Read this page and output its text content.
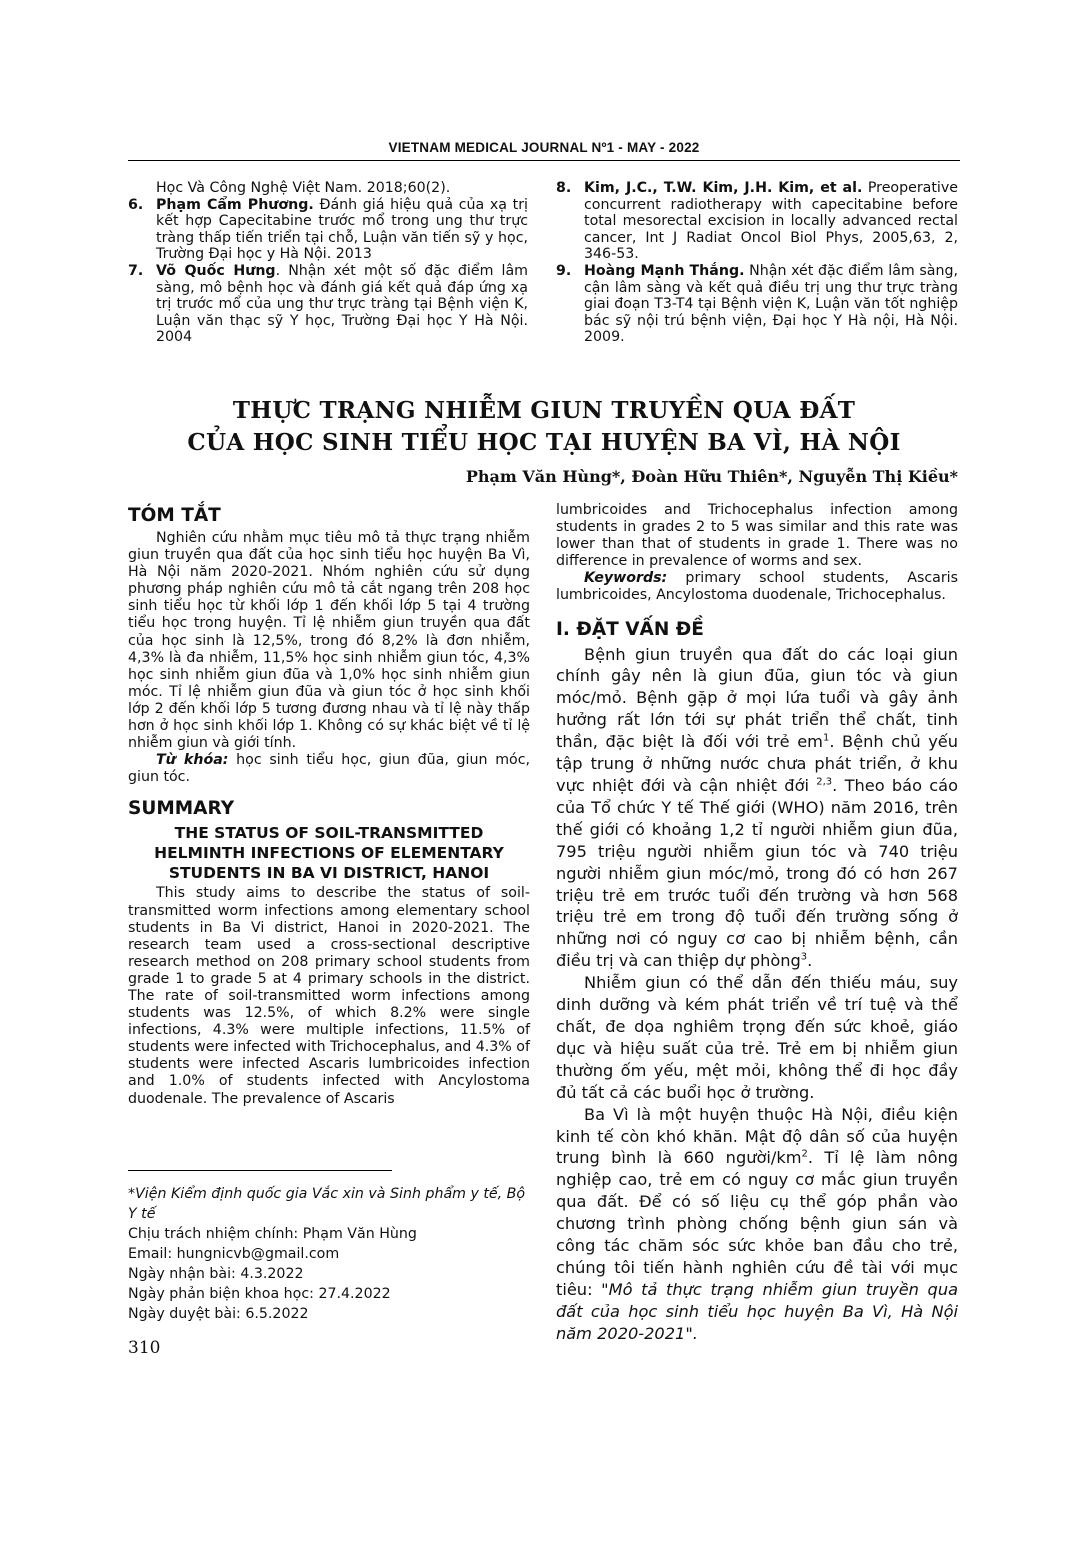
VIETNAM MEDICAL JOURNAL Nº1 - MAY - 2022
Học Và Công Nghệ Việt Nam. 2018;60(2).
6. Phạm Cẩm Phương. Đánh giá hiệu quả của xạ trị kết hợp Capecitabine trước mổ trong ung thư trực tràng thấp tiến triển tại chỗ, Luận văn tiến sỹ y học, Trường Đại học y Hà Nội. 2013
7. Võ Quốc Hưng. Nhận xét một số đặc điểm lâm sàng, mô bệnh học và đánh giá kết quả đáp ứng xạ trị trước mổ của ung thư trực tràng tại Bệnh viện K, Luận văn thạc sỹ Y học, Trường Đại học Y Hà Nội. 2004
8. Kim, J.C., T.W. Kim, J.H. Kim, et al. Preoperative concurrent radiotherapy with capecitabine before total mesorectal excision in locally advanced rectal cancer, Int J Radiat Oncol Biol Phys, 2005,63, 2, 346-53.
9. Hoàng Mạnh Thắng. Nhận xét đặc điểm lâm sàng, cận lâm sàng và kết quả điều trị ung thư trực tràng giai đoạn T3-T4 tại Bệnh viện K, Luận văn tốt nghiệp bác sỹ nội trú bệnh viện, Đại học Y Hà nội, Hà Nội. 2009.
THỰC TRẠNG NHIỄM GIUN TRUYỀN QUA ĐẤT
CỦA HỌC SINH TIỂU HỌC TẠI HUYỆN BA VÌ, HÀ NỘI
Phạm Văn Hùng*, Đoàn Hữu Thiên*, Nguyễn Thị Kiều*
TÓM TẮT

Nghiên cứu nhằm mục tiêu mô tả thực trạng nhiễm giun truyền qua đất của học sinh tiểu học huyện Ba Vì, Hà Nội năm 2020-2021. Nhóm nghiên cứu sử dụng phương pháp nghiên cứu mô tả cắt ngang trên 208 học sinh tiểu học từ khối lớp 1 đến khối lớp 5 tại 4 trường tiểu học trong huyện. Tỉ lệ nhiễm giun truyền qua đất của học sinh là 12,5%, trong đó 8,2% là đơn nhiễm, 4,3% là đa nhiễm, 11,5% học sinh nhiễm giun tóc, 4,3% học sinh nhiễm giun đũa và 1,0% học sinh nhiễm giun móc. Tỉ lệ nhiễm giun đũa và giun tóc ở học sinh khối lớp 2 đến khối lớp 5 tương đương nhau và tỉ lệ này thấp hơn ở học sinh khối lớp 1. Không có sự khác biệt về tỉ lệ nhiễm giun và giới tính.

Từ khóa: học sinh tiểu học, giun đũa, giun móc, giun tóc.

SUMMARY
THE STATUS OF SOIL-TRANSMITTED HELMINTH INFECTIONS OF ELEMENTARY STUDENTS IN BA VI DISTRICT, HANOI

This study aims to describe the status of soil-transmitted worm infections among elementary school students in Ba Vi district, Hanoi in 2020-2021. The research team used a cross-sectional descriptive research method on 208 primary school students from grade 1 to grade 5 at 4 primary schools in the district. The rate of soil-transmitted worm infections among students was 12.5%, of which 8.2% were single infections, 4.3% were multiple infections, 11.5% of students were infected with Trichocephalus, and 4.3% of students were infected Ascaris lumbricoides infection and 1.0% of students infected with Ancylostoma duodenale. The prevalence of Ascaris

lumbricoides and Trichocephalus infection among students in grades 2 to 5 was similar and this rate was lower than that of students in grade 1. There was no difference in prevalence of worms and sex.

Keywords: primary school students, Ascaris lumbricoides, Ancylostoma duodenale, Trichocephalus.

I. ĐẶT VẤN ĐỀ

Bệnh giun truyền qua đất do các loại giun chính gây nên là giun đũa, giun tóc và giun móc/mỏ. Bệnh gặp ở mọi lứa tuổi và gây ảnh hưởng rất lớn tới sự phát triển thể chất, tinh thần, đặc biệt là đối với trẻ $em^1$. Bệnh chủ yếu tập trung ở những nước chưa phát triển, ở khu vực nhiệt đới và cận nhiệt đới $^{2,3}$. Theo báo cáo của Tổ chức Y tế Thế giới (WHO) năm 2016, trên thế giới có khoảng 1,2 tỉ người nhiễm giun đũa, 795 triệu người nhiễm giun tóc và 740 triệu người nhiễm giun móc/mỏ, trong đó có hơn 267 triệu trẻ em trước tuổi đến trường và hơn 568 triệu trẻ em trong độ tuổi đến trường sống ở những nơi có nguy cơ cao bị nhiễm bệnh, cần điều trị và can thiệp dự phòng$^3$.

Nhiễm giun có thể dẫn đến thiếu máu, suy dinh dưỡng và kém phát triển về trí tuệ và thể chất, đe dọa nghiêm trọng đến sức khoẻ, giáo dục và hiệu suất của trẻ. Trẻ em bị nhiễm giun thường ốm yếu, mệt mỏi, không thể đi học đầy đủ tất cả các buổi học ở trường.

Ba Vì là một huyện thuộc Hà Nội, điều kiện kinh tế còn khó khăn. Mật độ dân số của huyện trung bình là 660 người/$km^2$. Tỉ lệ làm nông nghiệp cao, trẻ em có nguy cơ mắc giun truyền qua đất. Để có số liệu cụ thể góp phần vào chương trình phòng chống bệnh giun sán và công tác chăm sóc sức khỏe ban đầu cho trẻ, chúng tôi tiến hành nghiên cứu đề tài với mục tiêu: "Mô tả thực trạng nhiễm giun truyền qua đất của học sinh tiểu học huyện Ba Vì, Hà Nội năm 2020-2021".

*Viện Kiểm định quốc gia Vắc xin và Sinh phẩm y tế, Bộ Y tế
Chịu trách nhiệm chính: Phạm Văn Hùng
Email: hungnicvb@gmail.com
Ngày nhận bài: 4.3.2022
Ngày phản biện khoa học: 27.4.2022
Ngày duyệt bài: 6.5.2022
310
